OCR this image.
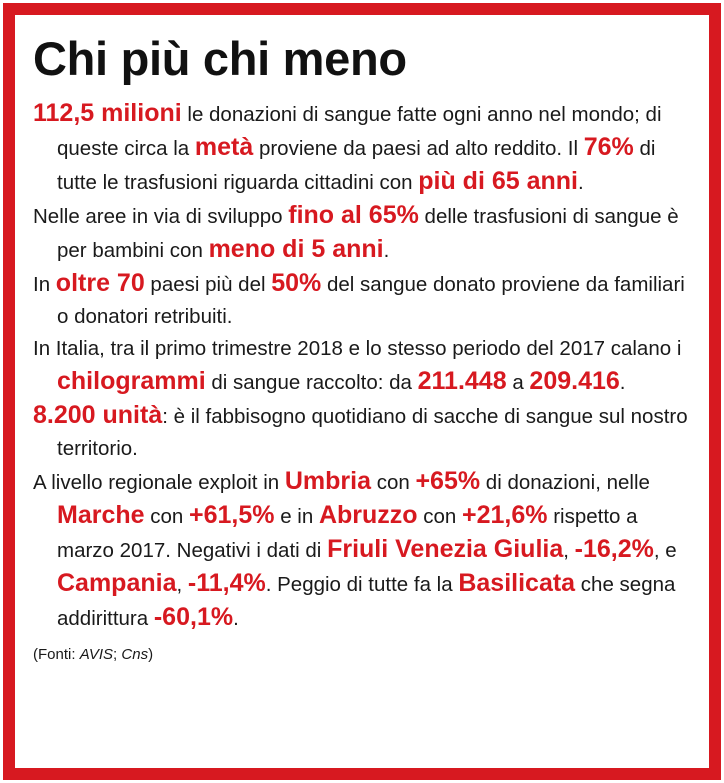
Chi più chi meno

112,5 milioni le donazioni di sangue fatte ogni anno nel mondo; di queste circa la metà proviene da paesi ad alto reddito. Il 76% di tutte le trasfusioni riguarda cittadini con più di 65 anni.

Nelle aree in via di sviluppo fino al 65% delle trasfusioni di sangue è per bambini con meno di 5 anni.

In oltre 70 paesi più del 50% del sangue donato proviene da familiari o donatori retribuiti.

In Italia, tra il primo trimestre 2018 e lo stesso periodo del 2017 calano i chilogrammi di sangue raccolto: da 211.448 a 209.416.

8.200 unità: è il fabbisogno quotidiano di sacche di sangue sul nostro territorio.

A livello regionale exploit in Umbria con +65% di donazioni, nelle Marche con +61,5% e in Abruzzo con +21,6% rispetto a marzo 2017. Negativi i dati di Friuli Venezia Giulia, -16,2%, e Campania, -11,4%. Peggio di tutte fa la Basilicata che segna addirittura -60,1%.

(Fonti: AVIS; Cns)
